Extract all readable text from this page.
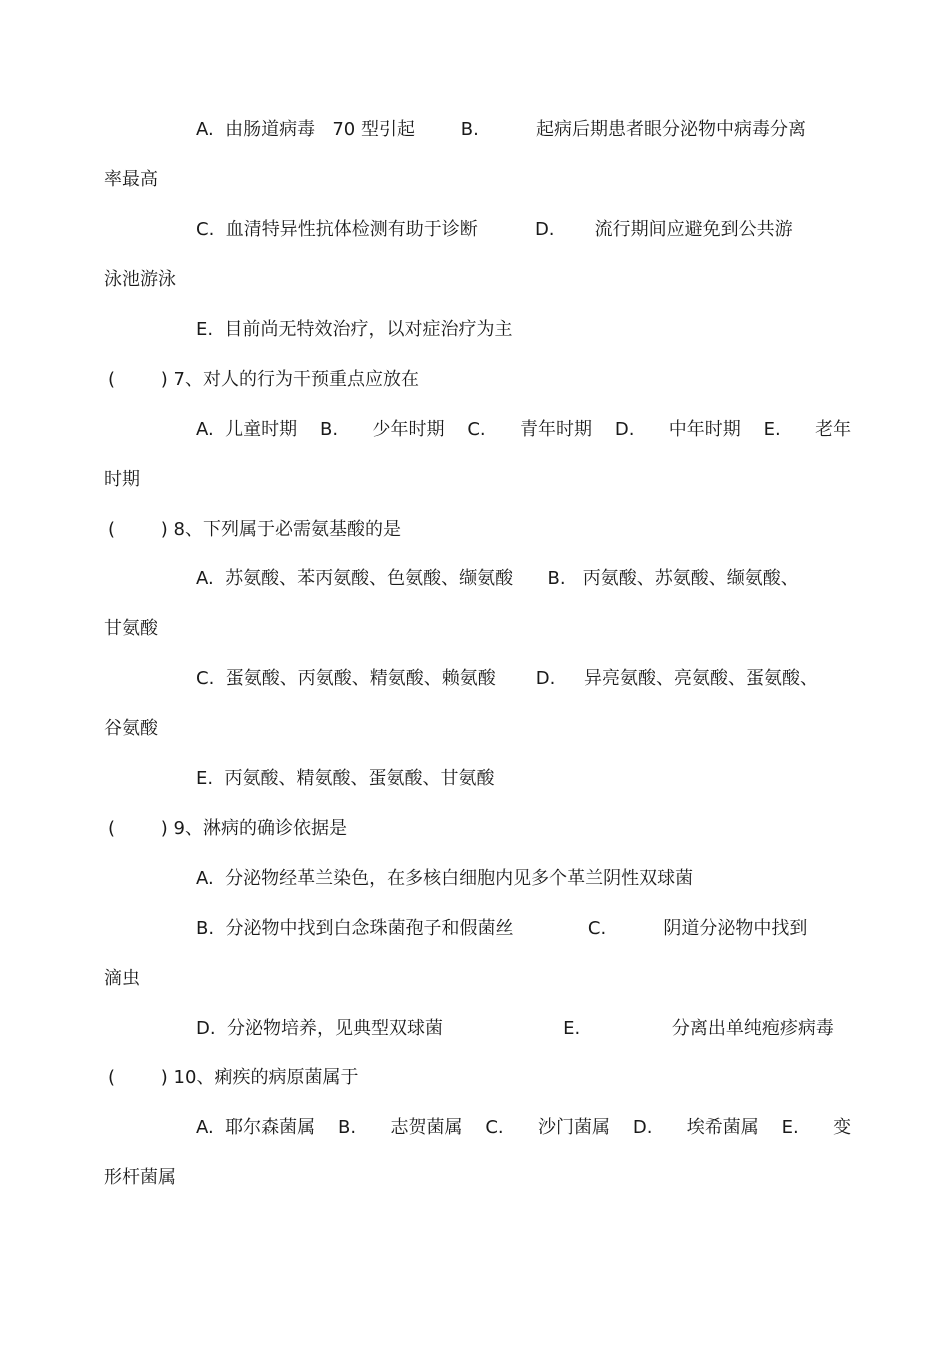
A.  由肠道病毒   70 型引起        B.          起病后期患者眼分泌物中病毒分离
率最高
C.  血清特异性抗体检测有助于诊断          D.       流行期间应避免到公共游
泳池游泳
E.  目前尚无特效治疗，以对症治疗为主
(        ) 7、对人的行为干预重点应放在
A.  儿童时期    B.      少年时期    C.      青年时期    D.      中年时期    E.      老年
时期
(        ) 8、下列属于必需氨基酸的是
A.  苏氨酸、苯丙氨酸、色氨酸、缬氨酸      B.   丙氨酸、苏氨酸、缬氨酸、
甘氨酸
C.  蛋氨酸、丙氨酸、精氨酸、赖氨酸       D.     异亮氨酸、亮氨酸、蛋氨酸、
谷氨酸
E.  丙氨酸、精氨酸、蛋氨酸、甘氨酸
(        ) 9、淋病的确诊依据是
A.  分泌物经革兰染色，在多核白细胞内见多个革兰阴性双球菌
B.  分泌物中找到白念珠菌孢子和假菌丝             C.          阴道分泌物中找到
滴虫
D.  分泌物培养，见典型双球菌                     E.                分离出单纯疱疹病毒
(        ) 10、痢疾的病原菌属于
A.  耶尔森菌属    B.      志贺菌属    C.      沙门菌属    D.      埃希菌属    E.      变
形杆菌属
